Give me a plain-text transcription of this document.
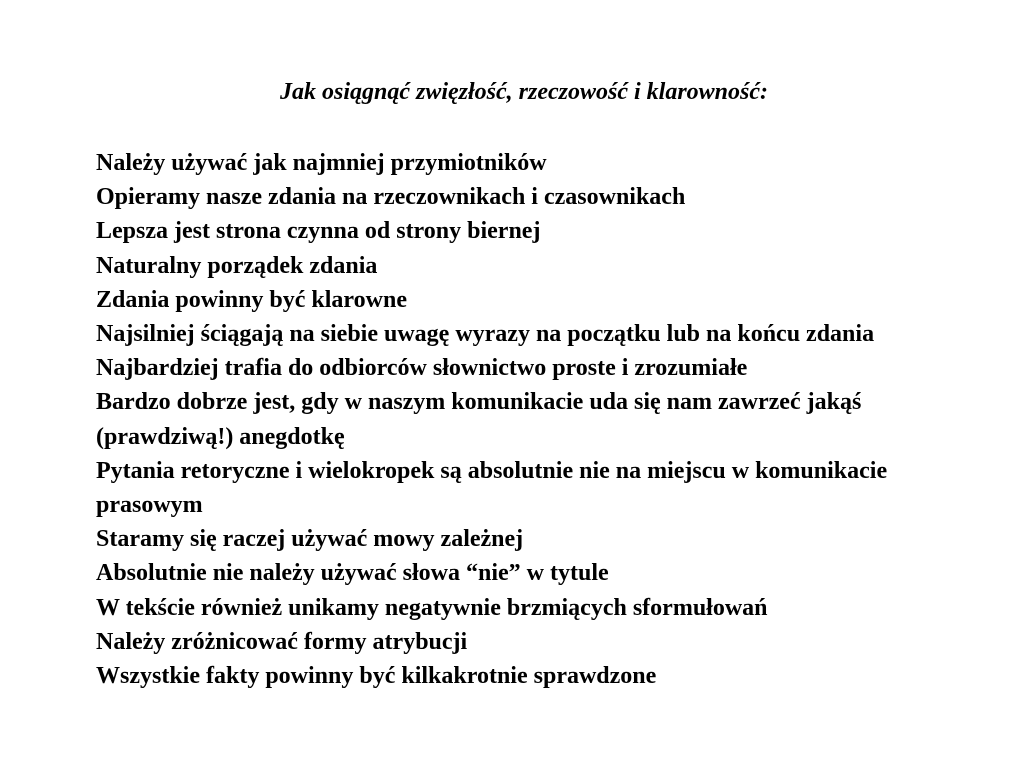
Jak osiągnąć zwięzłość, rzeczowość i klarowność:
Należy używać jak najmniej przymiotników
Opieramy nasze zdania na rzeczownikach i czasownikach
Lepsza jest strona czynna od strony biernej
Naturalny porządek zdania
Zdania powinny być klarowne
Najsilniej ściągają na siebie uwagę wyrazy na początku lub na końcu zdania
Najbardziej trafia do odbiorców słownictwo proste i zrozumiałe
Bardzo dobrze jest, gdy w naszym komunikacie uda się nam zawrzeć jakąś (prawdziwą!) anegdotkę
Pytania retoryczne i wielokropek są absolutnie nie na miejscu w komunikacie prasowym
Staramy się raczej używać mowy zależnej
Absolutnie nie należy używać słowa “nie” w tytule
W tekście również unikamy negatywnie brzmiących sformułowań
Należy zróżnicować formy atrybucji
Wszystkie fakty powinny być kilkakrotnie sprawdzone
